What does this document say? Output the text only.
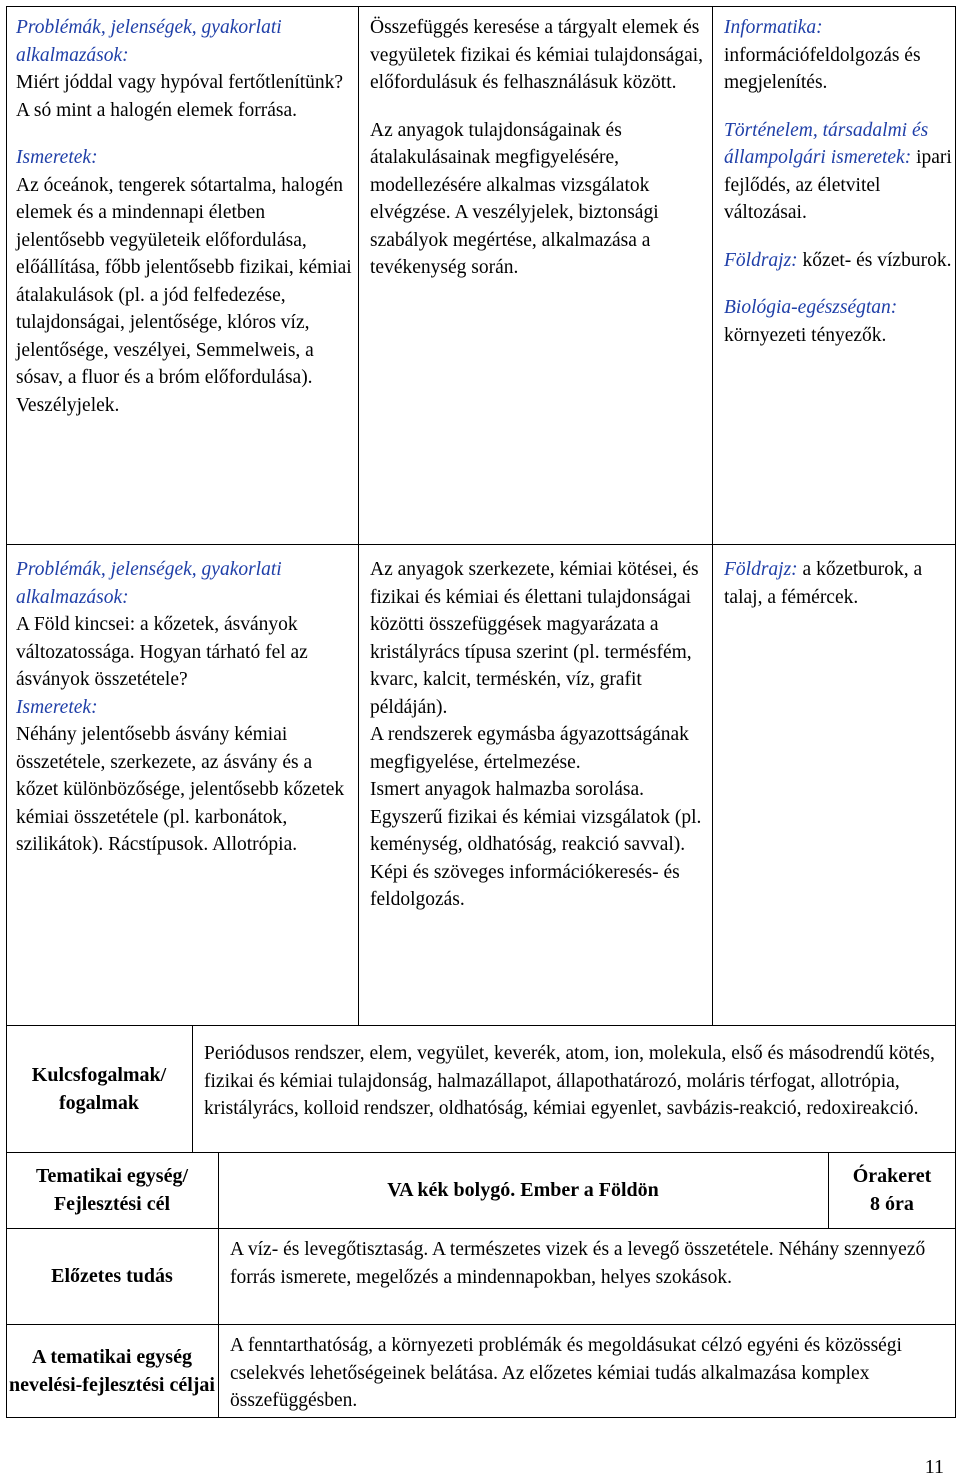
Problémák, jelenségek, gyakorlati alkalmazások:
Miért jóddal vagy hypóval fertőtlenítünk? A só mint a halogén elemek forrása.
Ismeretek:
Az óceánok, tengerek sótartalma, halogén elemek és a mindennapi életben jelentősebb vegyületeik előfordulása, előállítása, főbb jelentősebb fizikai, kémiai átalakulások (pl. a jód felfedezése, tulajdonságai, jelentősége, klóros víz, jelentősége, veszélyei, Semmelweis, a sósav, a fluor és a bróm előfordulása). Veszélyjelek.
Összefüggés keresése a tárgyalt elemek és vegyületek fizikai és kémiai tulajdonságai, előfordulásuk és felhasználásuk között.
Az anyagok tulajdonságainak és átalakulásainak megfigyelésére, modellezésére alkalmas vizsgálatok elvégzése. A veszélyjelek, biztonsági szabályok megértése, alkalmazása a tevékenység során.
Informatika:
információfeldolgozás és megjelenítés.
Történelem, társadalmi és állampolgári ismeretek: ipari fejlődés, az életvitel változásai.
Földrajz: kőzet- és vízburok.
Biológia-egészségtan:
környezeti tényezők.
Problémák, jelenségek, gyakorlati alkalmazások:
A Föld kincsei: a kőzetek, ásványok változatossága. Hogyan tárható fel az ásványok összetétele?
Ismeretek:
Néhány jelentősebb ásvány kémiai összetétele, szerkezete, az ásvány és a kőzet különbözősége, jelentősebb kőzetek kémiai összetétele (pl. karbonátok, szilikátok). Rácstípusok. Allotrópia.
Az anyagok szerkezete, kémiai kötései, és fizikai és kémiai és élettani tulajdonságai közötti összefüggések magyarázata a kristályrács típusa szerint (pl. termésfém, kvarc, kalcit, terméskén, víz, grafit példáján).
A rendszerek egymásba ágyazottságának megfigyelése, értelmezése.
Ismert anyagok halmazba sorolása. Egyszerű fizikai és kémiai vizsgálatok (pl. keménység, oldhatóság, reakció savval). Képi és szöveges információkeresés- és feldolgozás.
Földrajz: a kőzetburok, a talaj, a fémércek.
Kulcsfogalmak/ fogalmak
Periódusos rendszer, elem, vegyület, keverék, atom, ion, molekula, első és másodrendű kötés, fizikai és kémiai tulajdonság, halmazállapot, állapothatározó, moláris térfogat, allotrópia, kristályrács, kolloid rendszer, oldhatóság, kémiai egyenlet, savbázis-reakció, redoxireakció.
Tematikai egység/ Fejlesztési cél
VA kék bolygó. Ember a Földön
Órakeret
8 óra
Előzetes tudás
A víz- és levegőtisztaság. A természetes vizek és a levegő összetétele. Néhány szennyező forrás ismerete, megelőzés a mindennapokban, helyes szokások.
A tematikai egység nevelési-fejlesztési céljai
A fenntarthatóság, a környezeti problémák és megoldásukat célzó egyéni és közösségi cselekvés lehetőségeinek belátása. Az előzetes kémiai tudás alkalmazása komplex összefüggésben.
11
